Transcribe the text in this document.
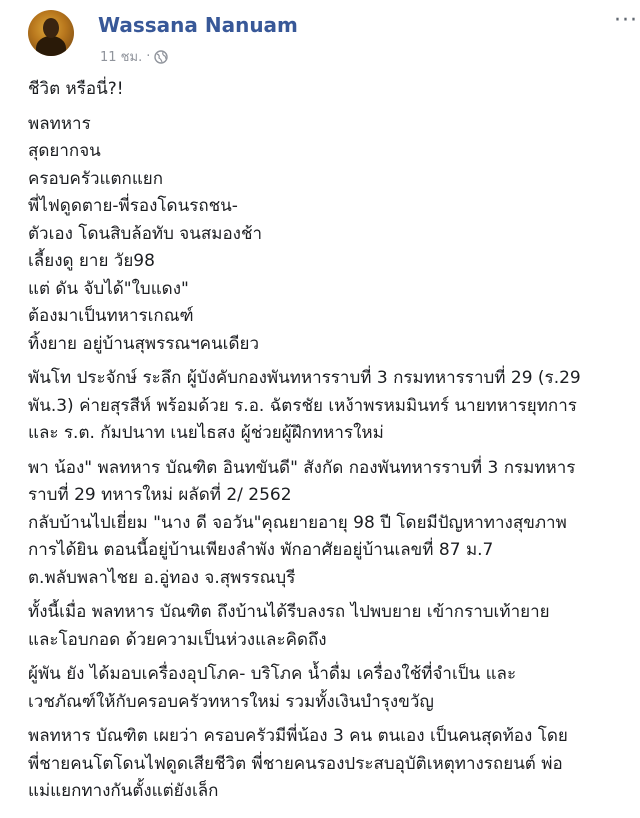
Wassana Nanuam
11 ชม. ·
···

ชีวิต หรือนี่?!

พลทหาร
สุดยากจน
ครอบครัวแตกแยก
พี่ไฟดูดตาย-พี่รองโดนรถชน-
ตัวเอง โดนสิบล้อทับ จนสมองช้า
เลี้ยงดู ยาย วัย98
แต่ ดัน จับได้"ใบแดง"
ต้องมาเป็นทหารเกณฑ์
ทิ้งยาย อยู่บ้านสุพรรณฯคนเดียว

พันโท ประจักษ์ ระลึก ผู้บังคับกองพันทหารราบที่ 3 กรมทหารราบที่ 29 (ร.29
พัน.3) ค่ายสุรสีห์ พร้อมด้วย ร.อ. ฉัตรชัย เหง้าพรหมมินทร์ นายทหารยุทการ
และ ร.ต. กัมปนาท เนยไธสง ผู้ช่วยผู้ฝึกทหารใหม่

พา น้อง" พลทหาร บัณฑิต อินทขันดี" สังกัด กองพันทหารราบที่ 3 กรมทหาร
ราบที่ 29 ทหารใหม่ ผลัดที่ 2/ 2562
กลับบ้านไปเยี่ยม "นาง ดี จอวัน"คุณยายอายุ 98 ปี โดยมีปัญหาทางสุขภาพ
การได้ยิน ตอนนี้อยู่บ้านเพียงลำพัง พักอาศัยอยู่บ้านเลขที่ 87 ม.7
ต.พลับพลาไชย อ.อู่ทอง จ.สุพรรณบุรี

ทั้งนี้เมื่อ พลทหาร บัณฑิต ถึงบ้านได้รีบลงรถ ไปพบยาย เข้ากราบเท้ายาย
และโอบกอด ด้วยความเป็นห่วงและคิดถึง

ผู้พัน ยัง ได้มอบเครื่องอุปโภค- บริโภค น้ำดื่ม เครื่องใช้ที่จำเป็น และ
เวชภัณฑ์ให้กับครอบครัวทหารใหม่ รวมทั้งเงินบำรุงขวัญ

พลทหาร บัณฑิต เผยว่า ครอบครัวมีพี่น้อง 3 คน ตนเอง เป็นคนสุดท้อง โดย
พี่ชายคนโตโดนไฟดูดเสียชีวิต พี่ชายคนรองประสบอุบัติเหตุทางรถยนต์ พ่อ
แม่แยกทางกันตั้งแต่ยังเล็ก
